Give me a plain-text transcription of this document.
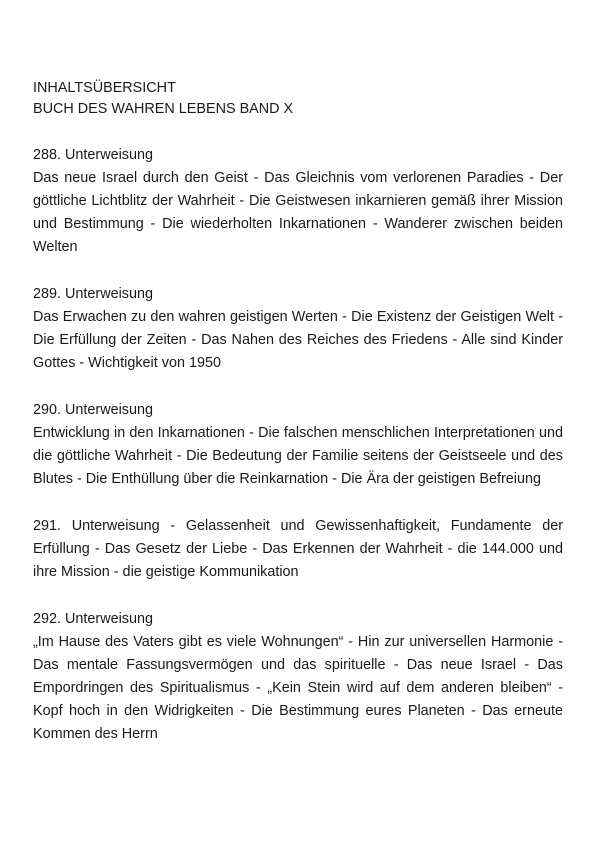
INHALTSÜBERSICHT

BUCH DES WAHREN LEBENS BAND X

288. Unterweisung

Das neue Israel durch den Geist - Das Gleichnis vom verlorenen Paradies - Der göttliche Lichtblitz der Wahrheit - Die Geistwesen inkarnieren gemäß ihrer Mission und Bestimmung - Die wiederholten Inkarnationen - Wanderer zwischen beiden Welten

289. Unterweisung

Das Erwachen zu den wahren geistigen Werten - Die Existenz der Geistigen Welt - Die Erfüllung der Zeiten - Das Nahen des Reiches des Friedens - Alle sind Kinder Gottes - Wichtigkeit von 1950

290. Unterweisung

Entwicklung in den Inkarnationen - Die falschen menschlichen Interpretationen und die göttliche Wahrheit - Die Bedeutung der Familie seitens der Geistseele und des Blutes - Die Enthüllung über die Reinkarnation - Die Ära der geistigen Befreiung

291. Unterweisung - Gelassenheit und Gewissenhaftigkeit, Fundamente der Erfüllung - Das Gesetz der Liebe - Das Erkennen der Wahrheit - die 144.000 und ihre Mission - die geistige Kommunikation

292. Unterweisung

„Im Hause des Vaters gibt es viele Wohnungen“ - Hin zur universellen Harmonie - Das mentale Fassungsvermögen und das spirituelle - Das neue Israel - Das Empordringen des Spiritualismus - „Kein Stein wird auf dem anderen bleiben“ - Kopf hoch in den Widrigkeiten - Die Bestimmung eures Planeten - Das erneute Kommen des Herrn
